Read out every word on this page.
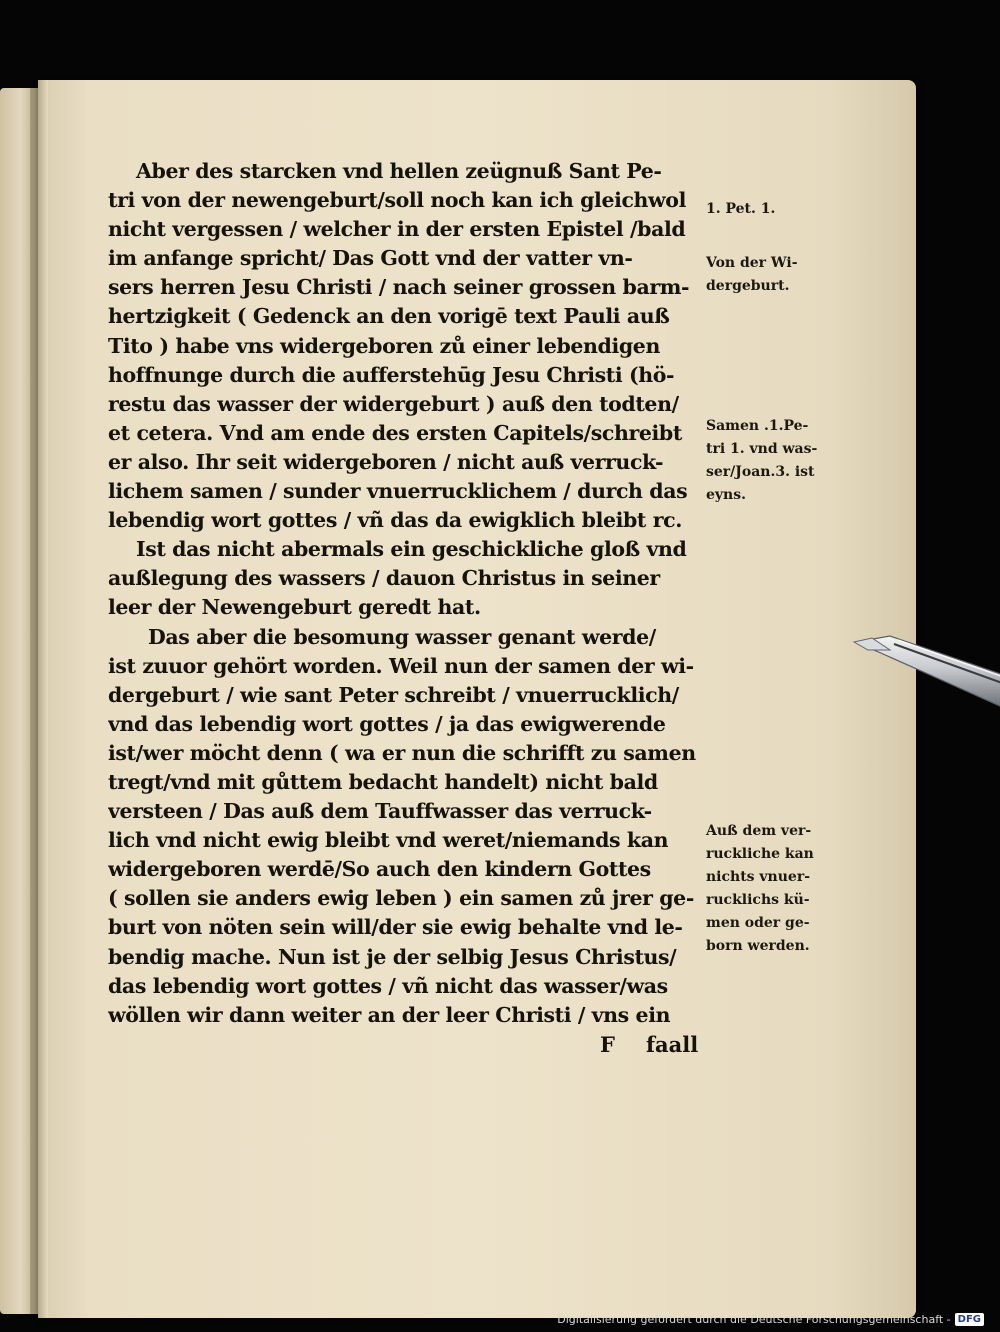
Aber des starcken vnd hellen zeügnuß Sant Pe-
tri von der newengeburt/soll noch kan ich gleichwol
nicht vergessen / welcher in der ersten Epistel /bald
im anfange spricht/ Das Gott vnd der vatter vn-
sers herren Jesu Christi / nach seiner grossen barm-
hertzigkeit ( Gedenck an den vorigē text Pauli auß
Tito ) habe vns widergeboren zů einer lebendigen
hoffnunge durch die aufferstehūg Jesu Christi (hö-
restu das wasser der widergeburt ) auß den todten/
et cetera. Vnd am ende des ersten Capitels/schreibt
er also. Ihr seit widergeboren / nicht auß verruck-
lichem samen / sunder vnuerrucklichem / durch das
lebendig wort gottes / vñ das da ewigklich bleibt rc.
Ist das nicht abermals ein geschickliche gloß vnd
außlegung des wassers / dauon Christus in seiner
leer der Newengeburt geredt hat.
Das aber die besomung wasser genant werde/
ist zuuor gehört worden. Weil nun der samen der wi-
dergeburt / wie sant Peter schreibt / vnuerrucklich/
vnd das lebendig wort gottes / ja das ewigwerende
ist/wer möcht denn ( wa er nun die schrifft zu samen
tregt/vnd mit gůttem bedacht handelt) nicht bald
versteen / Das auß dem Tauffwasser das verruck-
lich vnd nicht ewig bleibt vnd weret/niemands kan
widergeboren werdē/So auch den kindern Gottes
( sollen sie anders ewig leben ) ein samen zů jrer ge-
burt von nöten sein will/der sie ewig behalte vnd le-
bendig mache. Nun ist je der selbig Jesus Christus/
das lebendig wort gottes / vñ nicht das wasser/was
wöllen wir dann weiter an der leer Christi / vns ein
F faall
1. Pet. 1.
Von der Wi-
dergeburt.
Samen .1.Pe-
tri 1. vnd was-
ser/Joan.3. ist
eyns.
Auß dem ver-
ruckliche kan
nichts vnuer-
rucklichs kü-
men oder ge-
born werden.
Digitalisierung gefördert durch die Deutsche Forschungsgemeinschaft - DFG
